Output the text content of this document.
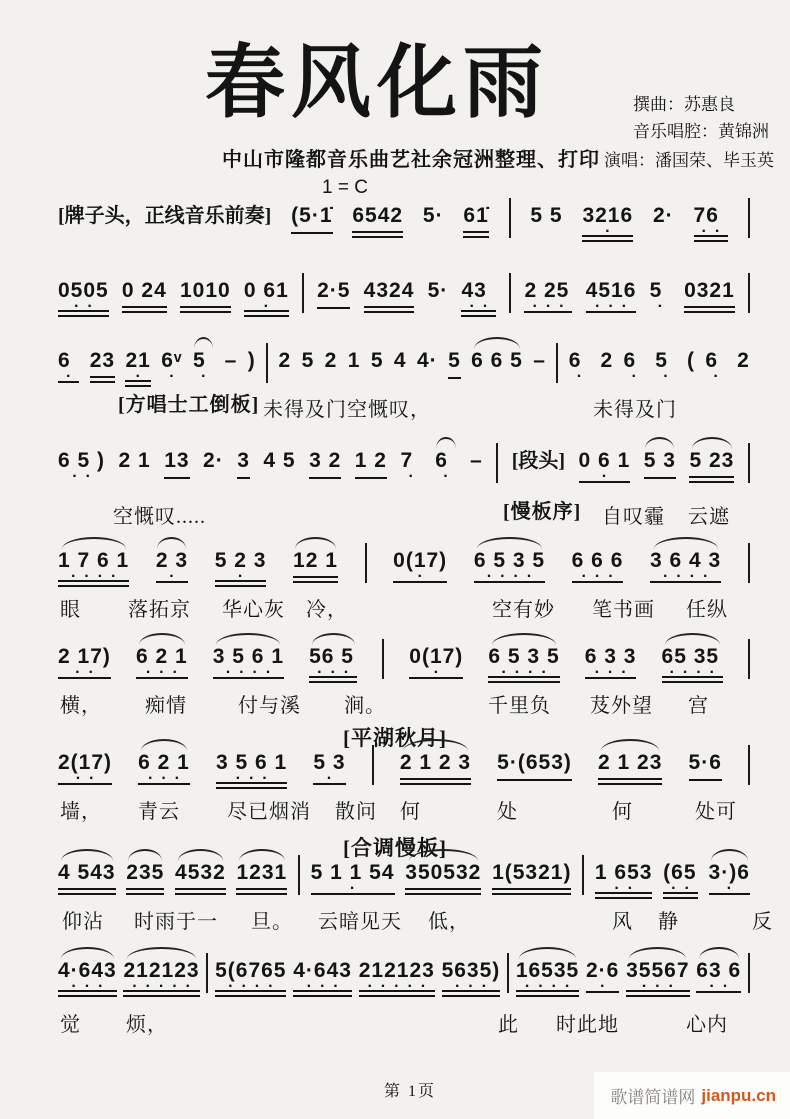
春风化雨	撰曲：苏惠良
音乐唱腔：黄锦洲
中山市隆都音乐曲艺社余冠洲整理、打印 演唱：潘国荣、毕玉英
1 = C
[牌子头，正线音乐前奏] (5·1̇ 6542 5· 61̇ 5 5 3216 · 2· 76 ··
0505 ·· 0 24 1010 0 61 · 2·5 4324 5· 43 ··	2 25 ··· 4516 ··· 5 ·	0321
6 · 23 21 · 6ᵛ · 5 · – ) 2 5 2 1 5 4 4· 5 6 6 5 – 6 · 2 6 · 5 · ( 6 · 2
[方唱士工倒板] 未得及门空慨叹，	未得及门
6 5 ) ·· 2 1 13 2· 3 4 5 3 2 1 2 7 ·	6 ·	– [段头] 0 6 1 · 5 3 5 23
空慨叹.....	[慢板序] 自叹霾 云遮
1 7 6 1 ···· 2 3 · 5 2 3 · 12 1	0(17) · 6 5 3 5 ···· 6 6 6 ··· 3 6 4 3 ····
眼 落拓京 华心灰 冷，	空有妙 笔书画 任纵
2 17) ·· 6 2 1 ··· 3 5 6 1 ···· 56 5 ···	0(17) · 6 5 3 5 ···· 6 3 3 ··· 65 35 ····
横， 痴情	付与溪 涧。	千里负 芨外望 宫
[平湖秋月]
2(17) ·· 6 2 1 ··· 3 5 6 1 ··· 5 3 ·	2 1 2 3 5·(653) 2 1 23 5·6
墙， 青云 尽已烟消 散问 何	处	何	处可
[合调慢板]
4 543 235 4532 1231 5 1 1 54 · 350532 1(5321) 1 653 ·· (65 ·· 3·)6 ·
仰沾 时雨于一 旦。 云暗见天 低，	风 静	反
4·643 ··· 212123 ····· 5(6765 ···· 4·643 ··· 212123 ····· 5635) ··· 16535 ···· 2·6 · 35567 ··· 63 6 ··
觉 烦，	此 时此地	心内
第 1页	歌谱简谱网 jianpu.cn
